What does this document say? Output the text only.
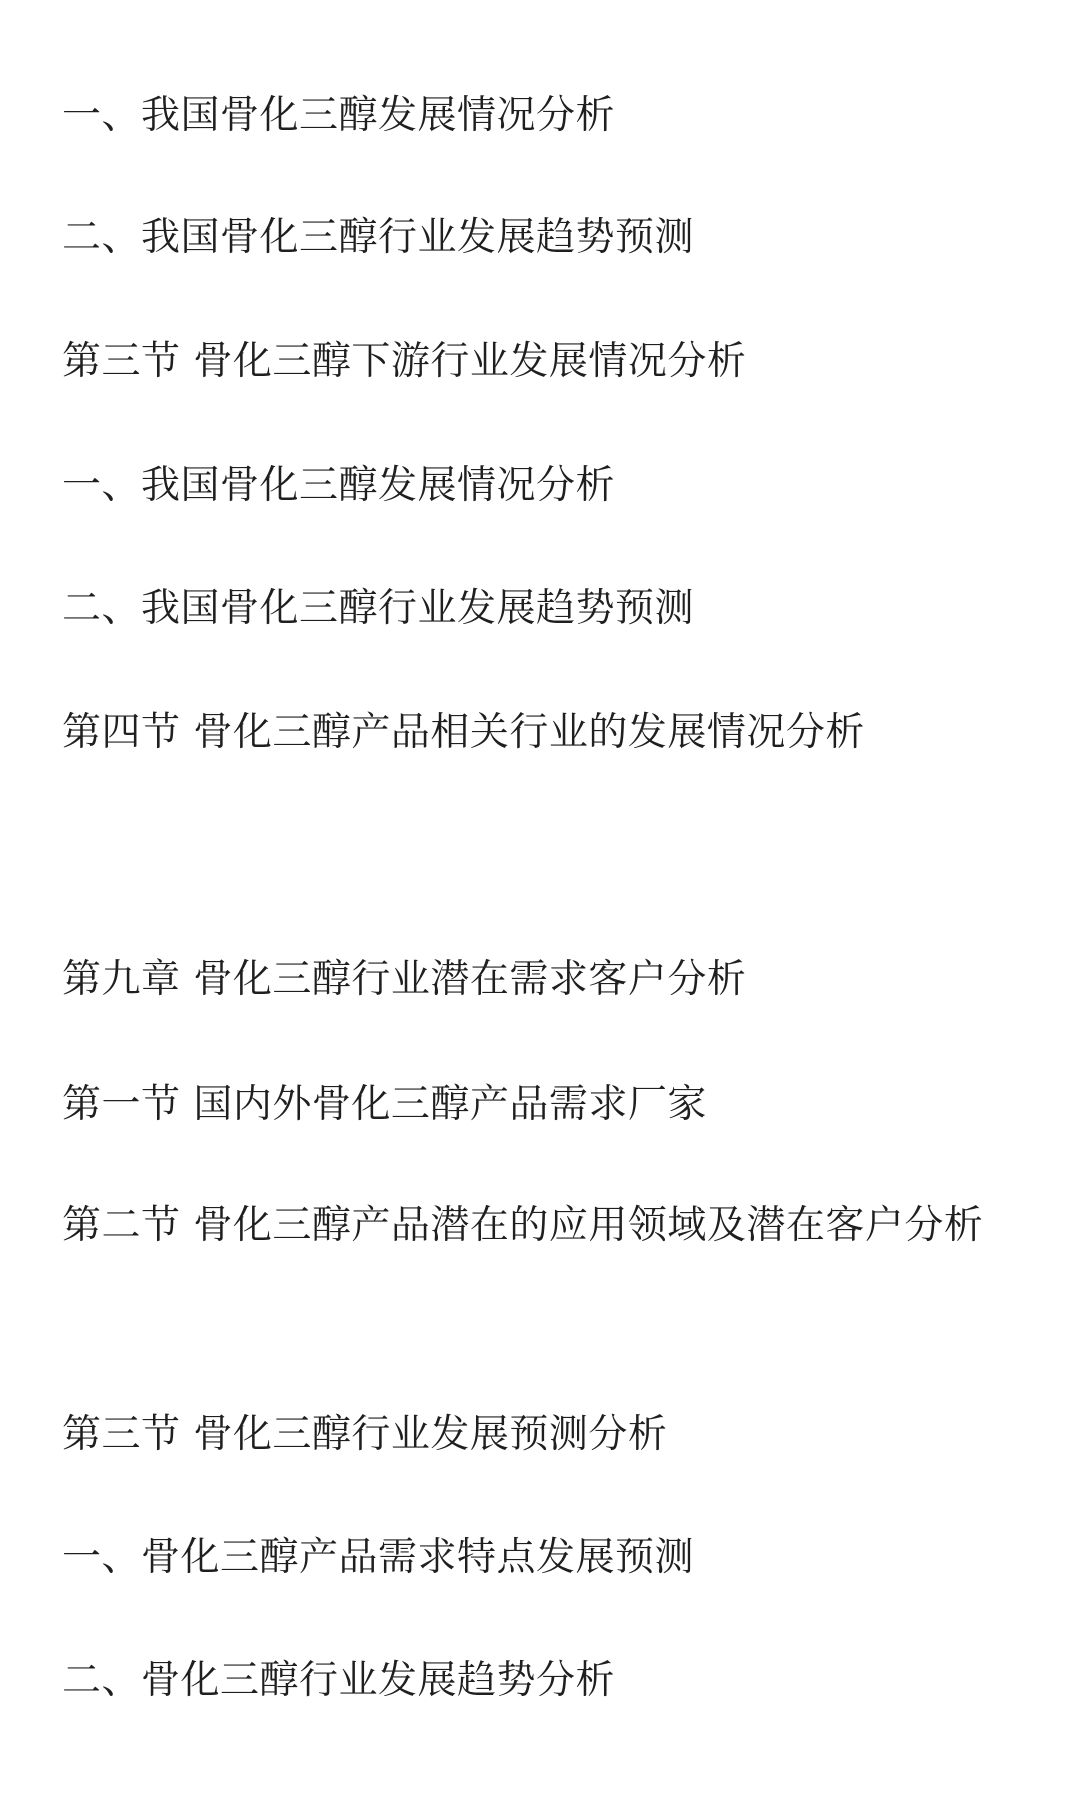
一、我国骨化三醇发展情况分析
二、我国骨化三醇行业发展趋势预测
第三节 骨化三醇下游行业发展情况分析
一、我国骨化三醇发展情况分析
二、我国骨化三醇行业发展趋势预测
第四节 骨化三醇产品相关行业的发展情况分析
第九章 骨化三醇行业潜在需求客户分析
第一节 国内外骨化三醇产品需求厂家
第二节 骨化三醇产品潜在的应用领域及潜在客户分析
第三节 骨化三醇行业发展预测分析
一、骨化三醇产品需求特点发展预测
二、骨化三醇行业发展趋势分析
